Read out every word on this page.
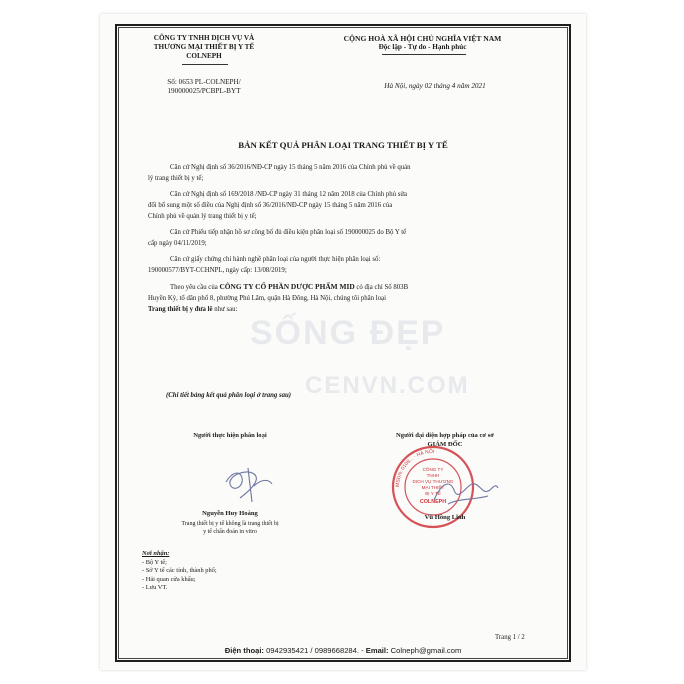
SỐNG ĐẸP
CENVN.COM
CÔNG TY TNHH DỊCH VỤ VÀ
THƯƠNG MẠI THIẾT BỊ Y TẾ
COLNEPH
Số: 0653 PL-COLNEPH/
190000025/PCBPL-BYT
CỘNG HOÀ XÃ HỘI CHỦ NGHĨA VIỆT NAM
Độc lập - Tự do - Hạnh phúc
Hà Nội, ngày 02 tháng 4 năm 2021
BẢN KẾT QUẢ PHÂN LOẠI TRANG THIẾT BỊ Y TẾ
Căn cứ Nghị định số 36/2016/NĐ-CP ngày 15 tháng 5 năm 2016 của Chính phủ về quản
lý trang thiết bị y tế;
Căn cứ Nghị định số 169/2018 /NĐ-CP ngày 31 tháng 12 năm 2018 của Chính phủ sửa
đổi bổ sung một số điều của Nghị định số 36/2016/NĐ-CP ngày 15 tháng 5 năm 2016 của
Chính phủ về quản lý trang thiết bị y tế;
Căn cứ Phiếu tiếp nhận hồ sơ công bố đủ điều kiện phân loại số 190000025 do Bộ Y tế
cấp ngày 04/11/2019;
Căn cứ giấy chứng chỉ hành nghề phân loại của người thực hiện phân loại số:
190000577/BYT-CCHNPL, ngày cấp: 13/08/2019;
Theo yêu cầu của CÔNG TY CỔ PHẦN DƯỢC PHẨM MID có địa chỉ Số 803B
Huyền Kỳ, tổ dân phố 8, phường Phú Lãm, quận Hà Đông, Hà Nội, chúng tôi phân loại
Trang thiết bị y đưa lê như sau:
(Chi tiết bảng kết quả phân loại ở trang sau)
Người thực hiện phân loại
Nguyễn Huy Hoàng
Trang thiết bị y tế không là trang thiết bị
y tế chẩn đoán in vitro
Người đại diện hợp pháp của cơ sở
GIÁM ĐỐC
MSDN: 0108... · HÀ NỘI ·
CÔNG TY
TNHH
DỊCH VỤ THƯƠNG
MẠI THIẾT
BỊ Y TẾ
COLNEPH
Vũ Hồng Lĩnh
Nơi nhận:
- Bộ Y tế;
- Sở Y tế các tỉnh, thành phố;
- Hải quan cửa khẩu;
- Lưu VT.
Trang 1 / 2
Điện thoại: 0942935421 / 0989668284. - Email: Colneph@gmail.com
